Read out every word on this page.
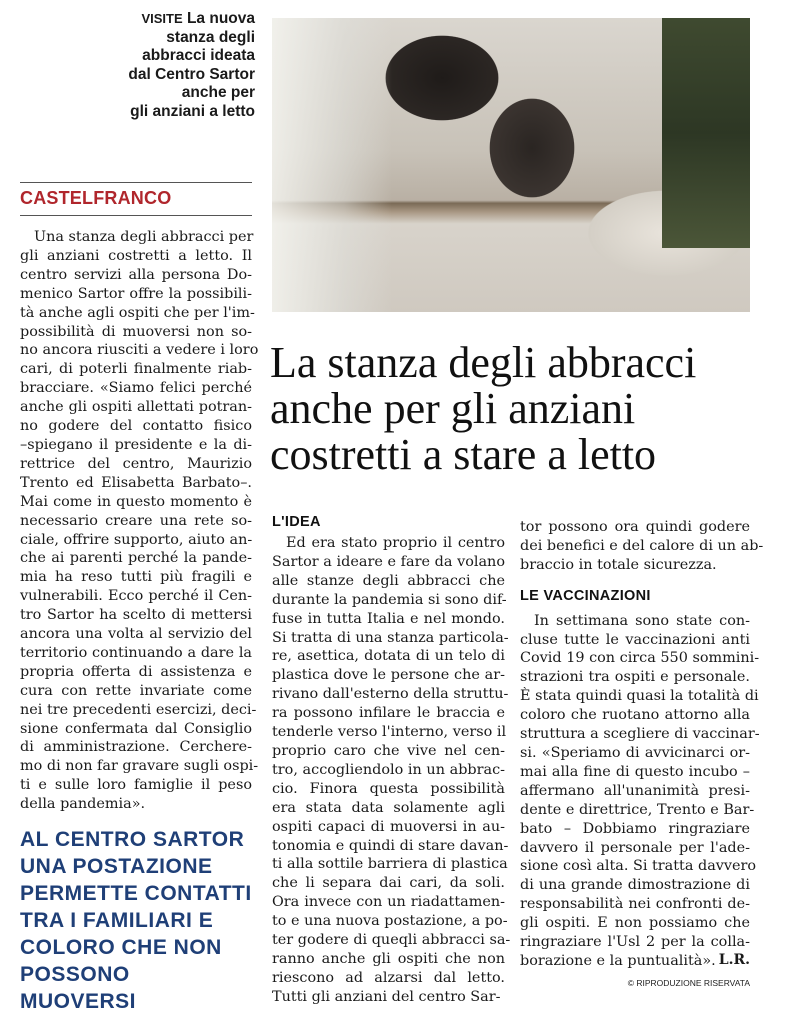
VISITE La nuova
stanza degli
abbracci ideata
dal Centro Sartor
anche per
gli anziani a letto
CASTELFRANCO
Una stanza degli abbracci per
gli anziani costretti a letto. Il
centro servizi alla persona Do-
menico Sartor offre la possibili-
tà anche agli ospiti che per l'im-
possibilità di muoversi non so-
no ancora riusciti a vedere i loro
cari, di poterli finalmente riab-
bracciare. «Siamo felici perché
anche gli ospiti allettati potran-
no godere del contatto fisico
–spiegano il presidente e la di-
rettrice del centro, Maurizio
Trento ed Elisabetta Barbato–.
Mai come in questo momento è
necessario creare una rete so-
ciale, offrire supporto, aiuto an-
che ai parenti perché la pande-
mia ha reso tutti più fragili e
vulnerabili. Ecco perché il Cen-
tro Sartor ha scelto di mettersi
ancora una volta al servizio del
territorio continuando a dare la
propria offerta di assistenza e
cura con rette invariate come
nei tre precedenti esercizi, deci-
sione confermata dal Consiglio
di amministrazione. Cerchere-
mo di non far gravare sugli ospi-
ti e sulle loro famiglie il peso
della pandemia».
AL CENTRO SARTOR
UNA POSTAZIONE
PERMETTE CONTATTI
TRA I FAMILIARI E
COLORO CHE NON
POSSONO MUOVERSI
La stanza degli abbracci
anche per gli anziani
costretti a stare a letto
L'IDEA
Ed era stato proprio il centro
Sartor a ideare e fare da volano
alle stanze degli abbracci che
durante la pandemia si sono dif-
fuse in tutta Italia e nel mondo.
Si tratta di una stanza particola-
re, asettica, dotata di un telo di
plastica dove le persone che ar-
rivano dall'esterno della struttu-
ra possono infilare le braccia e
tenderle verso l'interno, verso il
proprio caro che vive nel cen-
tro, accogliendolo in un abbrac-
cio. Finora questa possibilità
era stata data solamente agli
ospiti capaci di muoversi in au-
tonomia e quindi di stare davan-
ti alla sottile barriera di plastica
che li separa dai cari, da soli.
Ora invece con un riadattamen-
to e una nuova postazione, a po-
ter godere di queqli abbracci sa-
ranno anche gli ospiti che non
riescono ad alzarsi dal letto.
Tutti gli anziani del centro Sar-
tor possono ora quindi godere
dei benefici e del calore di un ab-
braccio in totale sicurezza.
LE VACCINAZIONI
In settimana sono state con-
cluse tutte le vaccinazioni anti
Covid 19 con circa 550 sommini-
strazioni tra ospiti e personale.
È stata quindi quasi la totalità di
coloro che ruotano attorno alla
struttura a scegliere di vaccinar-
si. «Speriamo di avvicinarci or-
mai alla fine di questo incubo –
affermano all'unanimità presi-
dente e direttrice, Trento e Bar-
bato – Dobbiamo ringraziare
davvero il personale per l'ade-
sione così alta. Si tratta davvero
di una grande dimostrazione di
responsabilità nei confronti de-
gli ospiti. E non possiamo che
ringraziare l'Usl 2 per la colla-
borazione e la puntualità». L.R.
© RIPRODUZIONE RISERVATA
